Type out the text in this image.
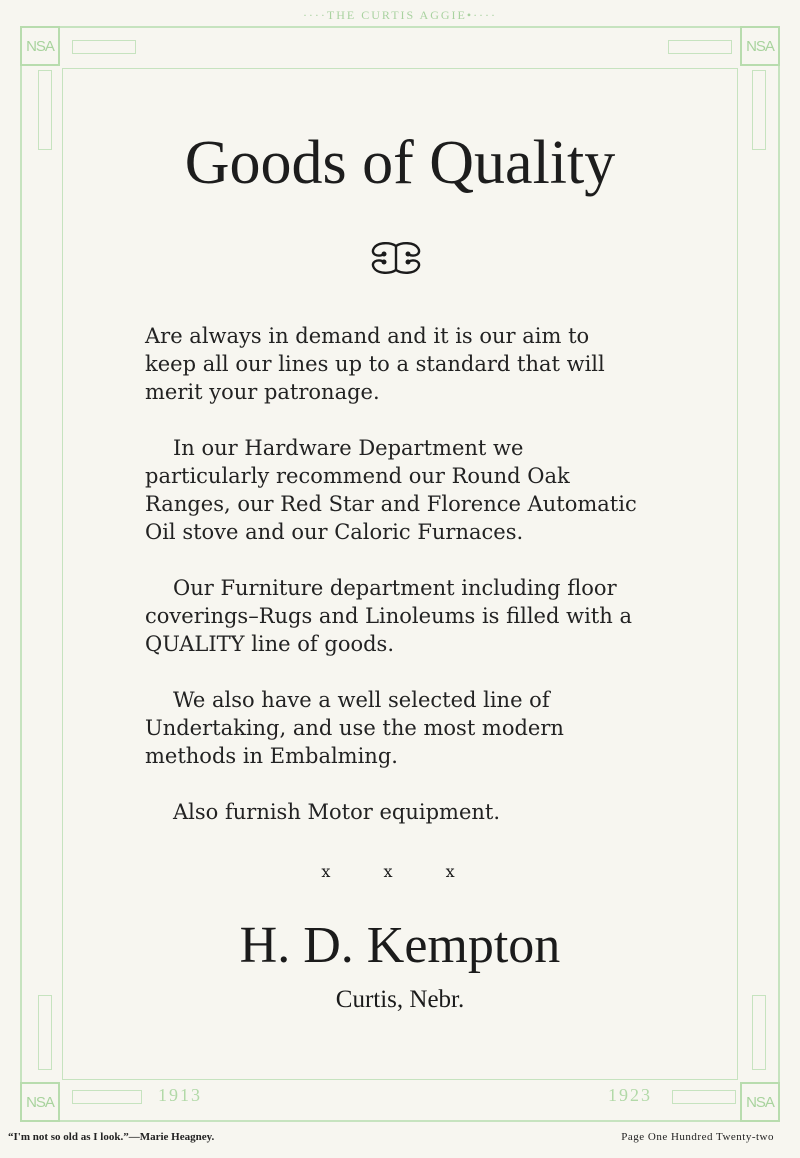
····THE CURTIS AGGIE•····
NSA	NSA
NSA	NSA
1913	1923
Goods of Quality

Are always in demand and it is our aim to keep all our lines up to a standard that will merit your patronage.

In our Hardware Department we particularly recommend our Round Oak Ranges, our Red Star and Florence Automatic Oil stove and our Caloric Furnaces.

Our Furniture department including floor coverings–Rugs and Linoleums is filled with a QUALITY line of goods.

We also have a well selected line of Undertaking, and use the most modern methods in Embalming.

Also furnish Motor equipment.

x x x
H. D. Kempton
Curtis, Nebr.
“I'm not so old as I look.”—Marie Heagney.	Page One Hundred Twenty-two
